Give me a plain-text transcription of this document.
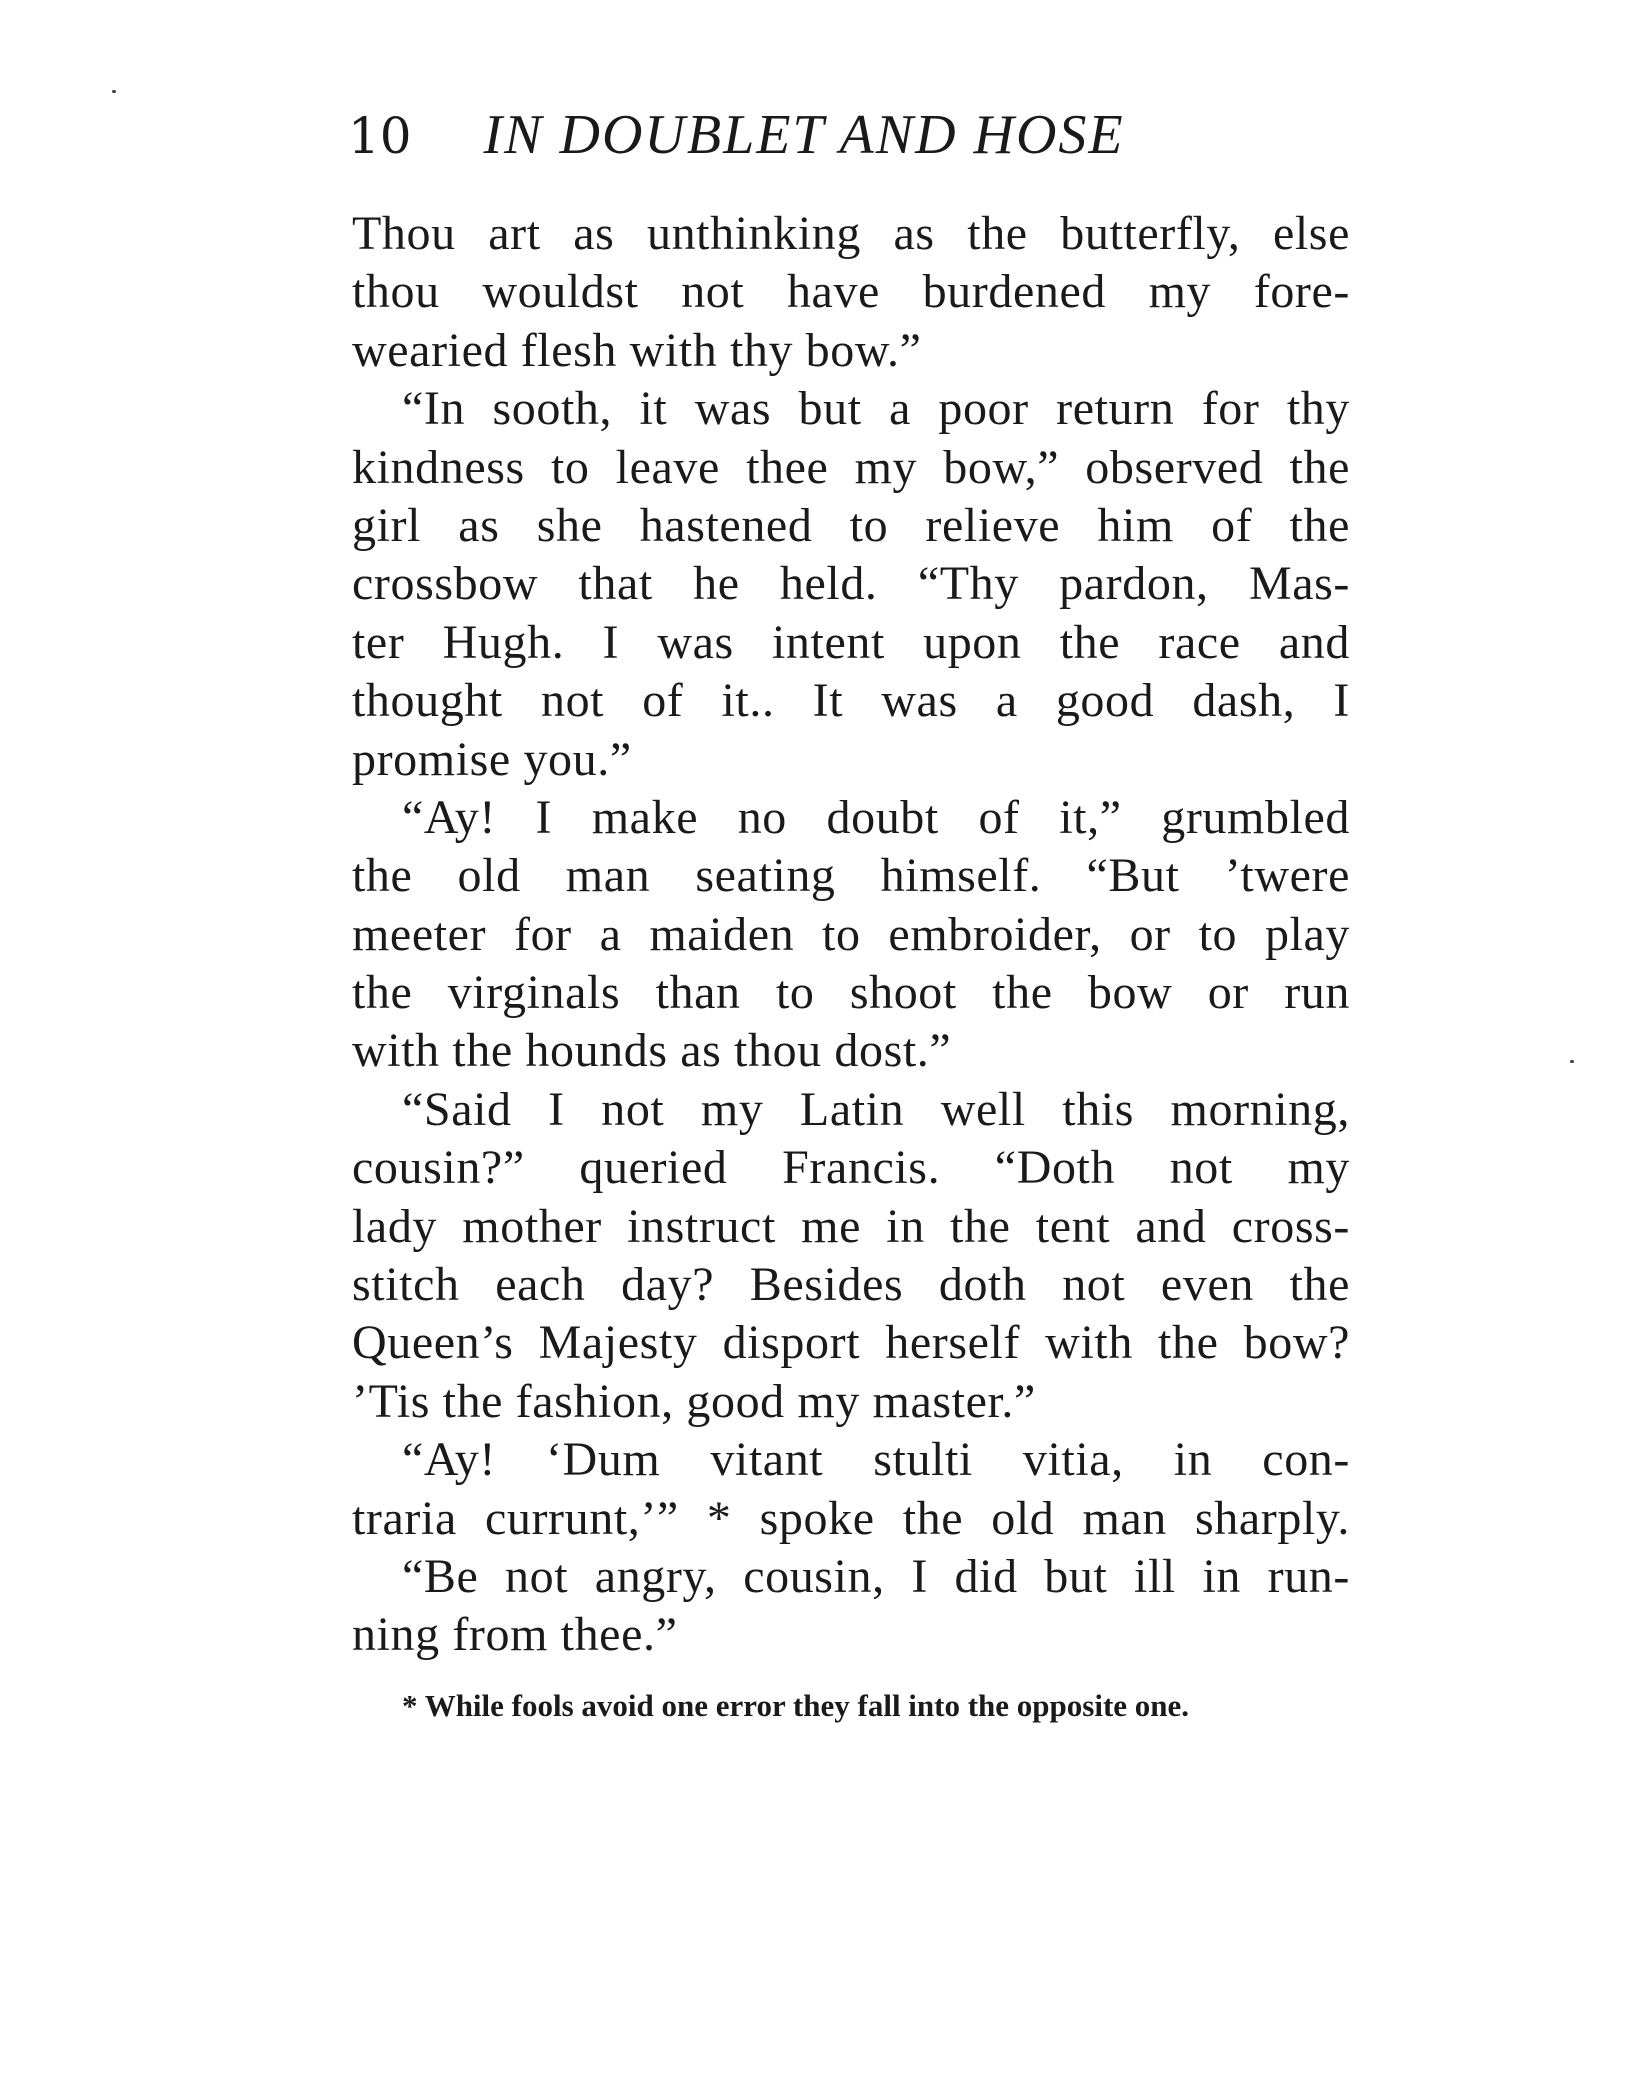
10 IN DOUBLET AND HOSE
Thou art as unthinking as the butterfly, else
thou wouldst not have burdened my fore-
wearied flesh with thy bow.”
“In sooth, it was but a poor return for thy
kindness to leave thee my bow,” observed the
girl as she hastened to relieve him of the
crossbow that he held. “Thy pardon, Mas-
ter Hugh. I was intent upon the race and
thought not of it.. It was a good dash, I
promise you.”
“Ay! I make no doubt of it,” grumbled
the old man seating himself. “But ’twere
meeter for a maiden to embroider, or to play
the virginals than to shoot the bow or run
with the hounds as thou dost.”
“Said I not my Latin well this morning,
cousin?” queried Francis. “Doth not my
lady mother instruct me in the tent and cross-
stitch each day? Besides doth not even the
Queen’s Majesty disport herself with the bow?
’Tis the fashion, good my master.”
“Ay! ‘Dum vitant stulti vitia, in con-
traria currunt,’” * spoke the old man sharply.
“Be not angry, cousin, I did but ill in run-
ning from thee.”
* While fools avoid one error they fall into the opposite one.
